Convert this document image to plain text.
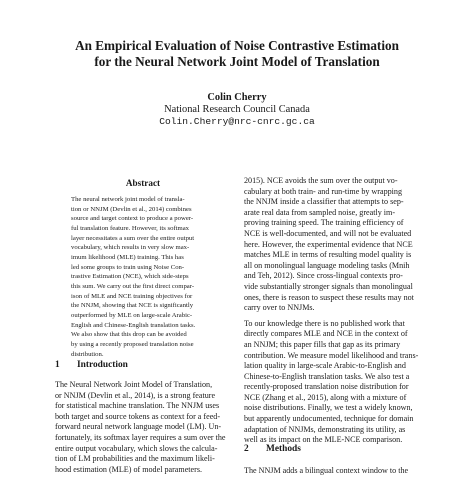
An Empirical Evaluation of Noise Contrastive Estimation
for the Neural Network Joint Model of Translation
Colin Cherry
National Research Council Canada
Colin.Cherry@nrc-cnrc.gc.ca
Abstract
The neural network joint model of transla-
tion or NNJM (Devlin et al., 2014) combines
source and target context to produce a power-
ful translation feature. However, its softmax
layer necessitates a sum over the entire output
vocabulary, which results in very slow max-
imum likelihood (MLE) training. This has
led some groups to train using Noise Con-
trastive Estimation (NCE), which side-steps
this sum. We carry out the first direct compar-
ison of MLE and NCE training objectives for
the NNJM, showing that NCE is significantly
outperformed by MLE on large-scale Arabic-
English and Chinese-English translation tasks.
We also show that this drop can be avoided
by using a recently proposed translation noise
distribution.
1 Introduction
The Neural Network Joint Model of Translation,
or NNJM (Devlin et al., 2014), is a strong feature
for statistical machine translation. The NNJM uses
both target and source tokens as context for a feed-
forward neural network language model (LM). Un-
fortunately, its softmax layer requires a sum over the
entire output vocabulary, which slows the calcula-
tion of LM probabilities and the maximum likeli-
hood estimation (MLE) of model parameters.
2015). NCE avoids the sum over the output vo-
cabulary at both train- and run-time by wrapping
the NNJM inside a classifier that attempts to sep-
arate real data from sampled noise, greatly im-
proving training speed. The training efficiency of
NCE is well-documented, and will not be evaluated
here. However, the experimental evidence that NCE
matches MLE in terms of resulting model quality is
all on monolingual language modeling tasks (Mnih
and Teh, 2012). Since cross-lingual contexts pro-
vide substantially stronger signals than monolingual
ones, there is reason to suspect these results may not
carry over to NNJMs.
To our knowledge there is no published work that
directly compares MLE and NCE in the context of
an NNJM; this paper fills that gap as its primary
contribution. We measure model likelihood and trans-
lation quality in large-scale Arabic-to-English and
Chinese-to-English translation tasks. We also test a
recently-proposed translation noise distribution for
NCE (Zhang et al., 2015), along with a mixture of
noise distributions. Finally, we test a widely known,
but apparently undocumented, technique for domain
adaptation of NNJMs, demonstrating its utility, as
well as its impact on the MLE-NCE comparison.
2 Methods
The NNJM adds a bilingual context window to the
